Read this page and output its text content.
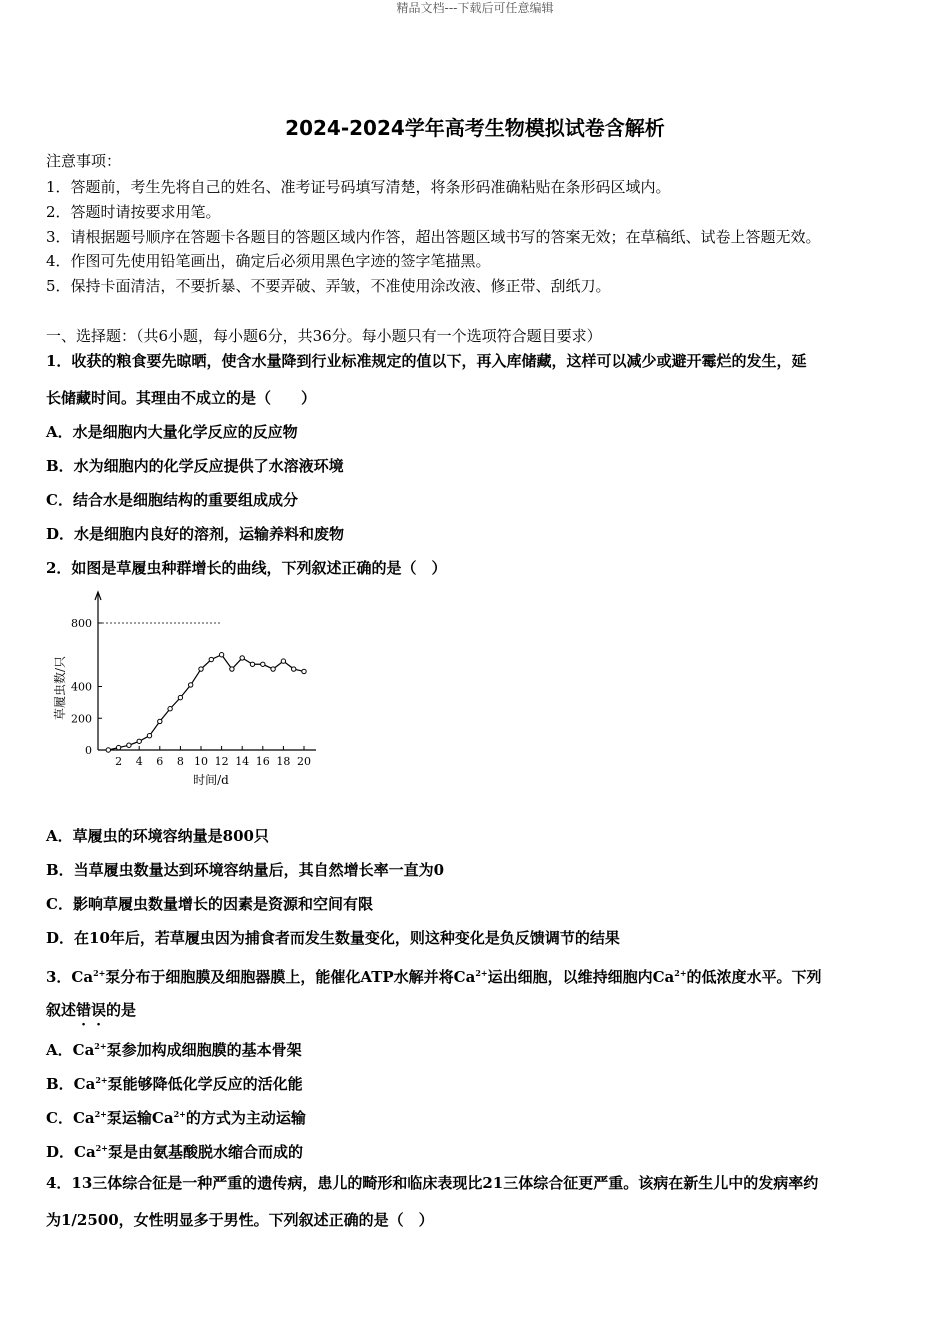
精品文档---下载后可任意编辑
2024-2024学年高考生物模拟试卷含解析
注意事项：
1．答题前，考生先将自己的姓名、准考证号码填写清楚，将条形码准确粘贴在条形码区域内。
2．答题时请按要求用笔。
3．请根据题号顺序在答题卡各题目的答题区域内作答，超出答题区域书写的答案无效；在草稿纸、试卷上答题无效。
4．作图可先使用铅笔画出，确定后必须用黑色字迹的签字笔描黑。
5．保持卡面清洁，不要折暴、不要弄破、弄皱，不准使用涂改液、修正带、刮纸刀。
一、选择题：（共6小题，每小题6分，共36分。每小题只有一个选项符合题目要求）
1．收获的粮食要先晾晒，使含水量降到行业标准规定的值以下，再入库储藏，这样可以减少或避开霉烂的发生，延
长储藏时间。其理由不成立的是（　　）
A．水是细胞内大量化学反应的反应物
B．水为细胞内的化学反应提供了水溶液环境
C．结合水是细胞结构的重要组成成分
D．水是细胞内良好的溶剂，运输养料和废物
2．如图是草履虫种群增长的曲线，下列叙述正确的是（　）
2 4 6 8 10 12 14 16 18 20
0
200
400
800
草履虫数/只
时间/d
A．草履虫的环境容纳量是800只
B．当草履虫数量达到环境容纳量后，其自然增长率一直为0
C．影响草履虫数量增长的因素是资源和空间有限
D．在10年后，若草履虫因为捕食者而发生数量变化，则这种变化是负反馈调节的结果
3．$Ca^{2+}$泵分布于细胞膜及细胞器膜上，能催化ATP水解并将$Ca^{2+}$运出细胞，以维持细胞内$Ca^{2+}$的低浓度水平。下列
叙述错误的是
A．$Ca^{2+}$泵参加构成细胞膜的基本骨架
B．$Ca^{2+}$泵能够降低化学反应的活化能
C．$Ca^{2+}$泵运输$Ca^{2+}$的方式为主动运输
D．$Ca^{2+}$泵是由氨基酸脱水缩合而成的
4．13三体综合征是一种严重的遗传病，患儿的畸形和临床表现比21三体综合征更严重。该病在新生儿中的发病率约
为1/2500，女性明显多于男性。下列叙述正确的是（　）
